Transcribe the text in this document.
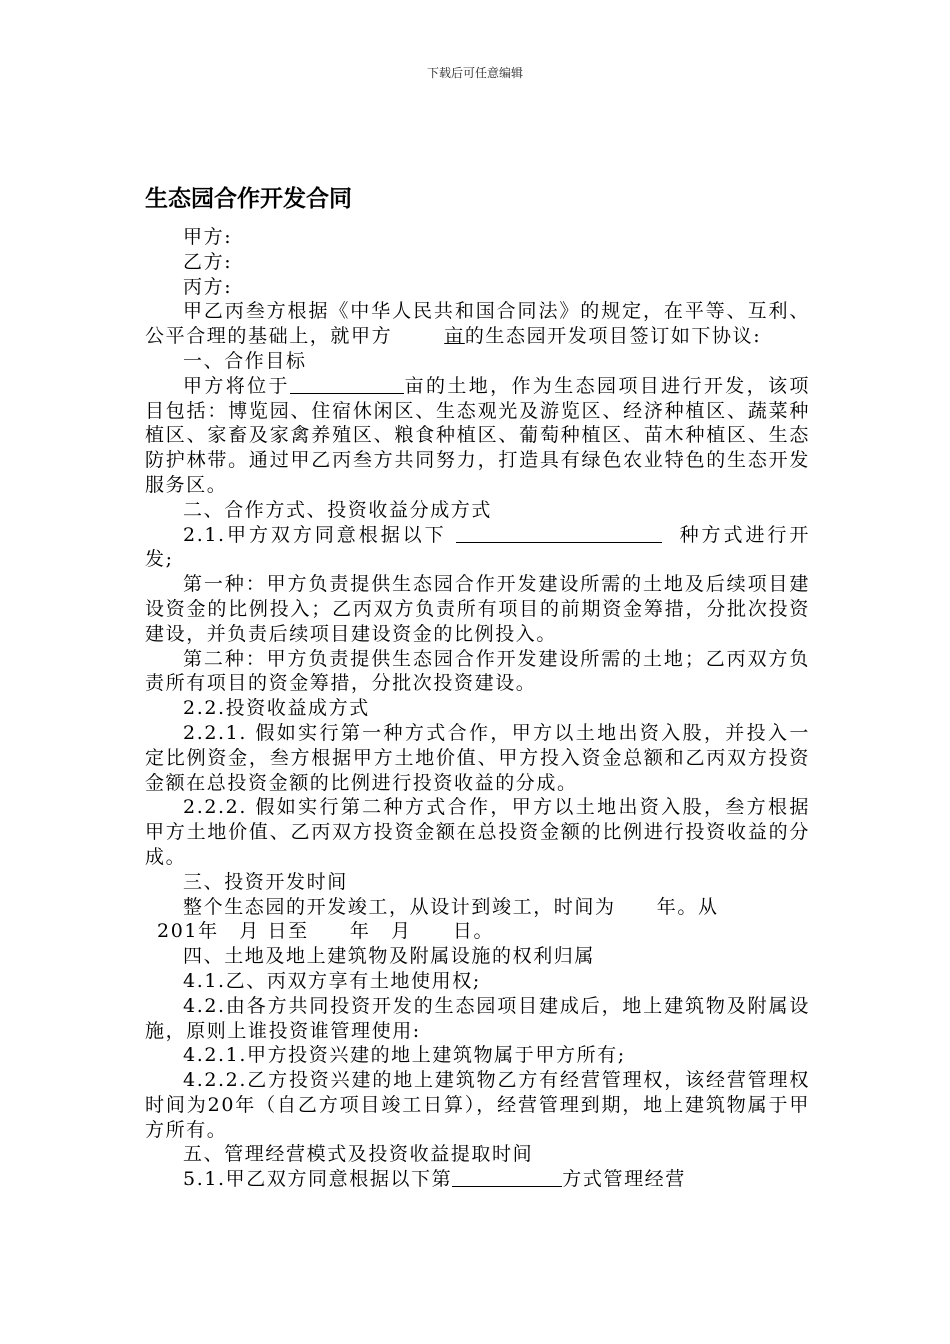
下载后可任意编辑
生态园合作开发合同

甲方:

乙方:

丙方:

甲乙丙叁方根据《中华人民共和国合同法》的规定，在平等、互利、公平合理的基础上，就甲方	亩的生态园开发项目签订如下协议:

一、合作目标

甲方将位于	亩的土地，作为生态园项目进行开发，该项目包括：博览园、住宿休闲区、生态观光及游览区、经济种植区、蔬菜种植区、家畜及家禽养殖区、粮食种植区、葡萄种植区、苗木种植区、生态防护林带。通过甲乙丙叁方共同努力，打造具有绿色农业特色的生态开发服务区。

二、合作方式、投资收益分成方式

2.1.甲方双方同意根据以下	种方式进行开发;

第一种：甲方负责提供生态园合作开发建设所需的土地及后续项目建设资金的比例投入；乙丙双方负责所有项目的前期资金筹措，分批次投资建设，并负责后续项目建设资金的比例投入。

第二种：甲方负责提供生态园合作开发建设所需的土地；乙丙双方负责所有项目的资金筹措，分批次投资建设。

2.2.投资收益成方式

2.2.1. 假如实行第一种方式合作，甲方以土地出资入股，并投入一定比例资金，叁方根据甲方土地价值、甲方投入资金总额和乙丙双方投资金额在总投资金额的比例进行投资收益的分成。

2.2.2. 假如实行第二种方式合作，甲方以土地出资入股，叁方根据甲方土地价值、乙丙双方投资金额在总投资金额的比例进行投资收益的分成。

三、投资开发时间

整个生态园的开发竣工，从设计到竣工，时间为　　年。从

201年　月 日至　　年　月　　日。

四、土地及地上建筑物及附属设施的权利归属

4.1.乙、丙双方享有土地使用权;

4.2.由各方共同投资开发的生态园项目建成后，地上建筑物及附属设施，原则上谁投资谁管理使用:

4.2.1.甲方投资兴建的地上建筑物属于甲方所有;

4.2.2.乙方投资兴建的地上建筑物乙方有经营管理权，该经营管理权时间为20年（自乙方项目竣工日算），经营管理到期，地上建筑物属于甲方所有。

五、管理经营模式及投资收益提取时间

5.1.甲乙双方同意根据以下第	方式管理经营
